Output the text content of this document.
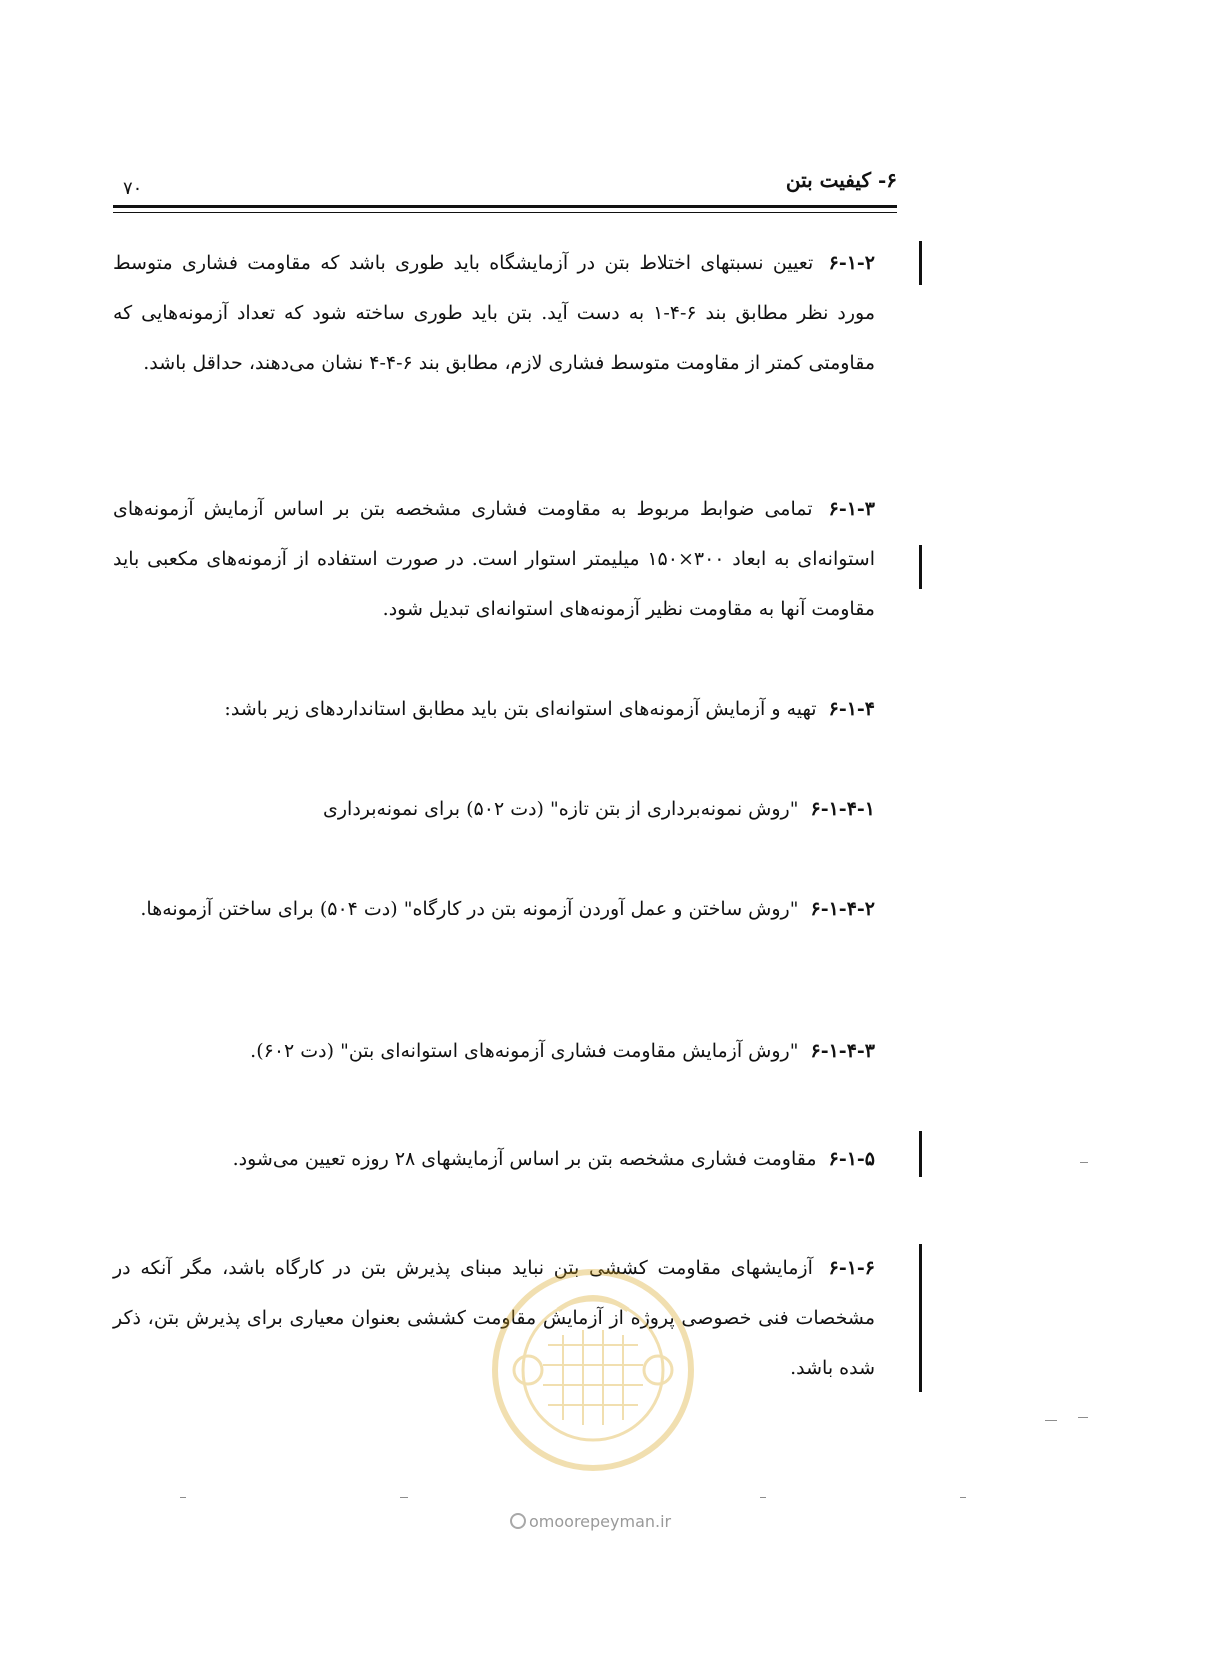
۶- کیفیت بتن
۷۰

۶-۱-۲ تعیین نسبتهای اختلاط بتن در آزمایشگاه باید طوری باشد که مقاومت فشاری متوسط مورد نظر مطابق بند ۶-۴-۱ به دست آید. بتن باید طوری ساخته شود که تعداد آزمونه‌هایی که مقاومتی کمتر از مقاومت متوسط فشاری لازم، مطابق بند ۶-۴-۴ نشان می‌دهند، حداقل باشد.

۶-۱-۳ تمامی ضوابط مربوط به مقاومت فشاری مشخصه بتن بر اساس آزمایش آزمونه‌های استوانه‌ای به ابعاد ۳۰۰×۱۵۰ میلیمتر استوار است. در صورت استفاده از آزمونه‌های مکعبی باید مقاومت آنها به مقاومت نظیر آزمونه‌های استوانه‌ای تبدیل شود.

۶-۱-۴ تهیه و آزمایش آزمونه‌های استوانه‌ای بتن باید مطابق استانداردهای زیر باشد:

۶-۱-۴-۱ "روش نمونه‌برداری از بتن تازه" (دت ۵۰۲) برای نمونه‌برداری

۶-۱-۴-۲ "روش ساختن و عمل آوردن آزمونه بتن در کارگاه" (دت ۵۰۴) برای ساختن آزمونه‌ها.

۶-۱-۴-۳ "روش آزمایش مقاومت فشاری آزمونه‌های استوانه‌ای بتن" (دت ۶۰۲).

۶-۱-۵ مقاومت فشاری مشخصه بتن بر اساس آزمایشهای ۲۸ روزه تعیین می‌شود.

۶-۱-۶ آزمایشهای مقاومت کششی بتن نباید مبنای پذیرش بتن در کارگاه باشد، مگر آنکه در مشخصات فنی خصوصی پروژه از آزمایش مقاومت کششی بعنوان معیاری برای پذیرش بتن، ذکر شده باشد.

omoorepeyman.ir
